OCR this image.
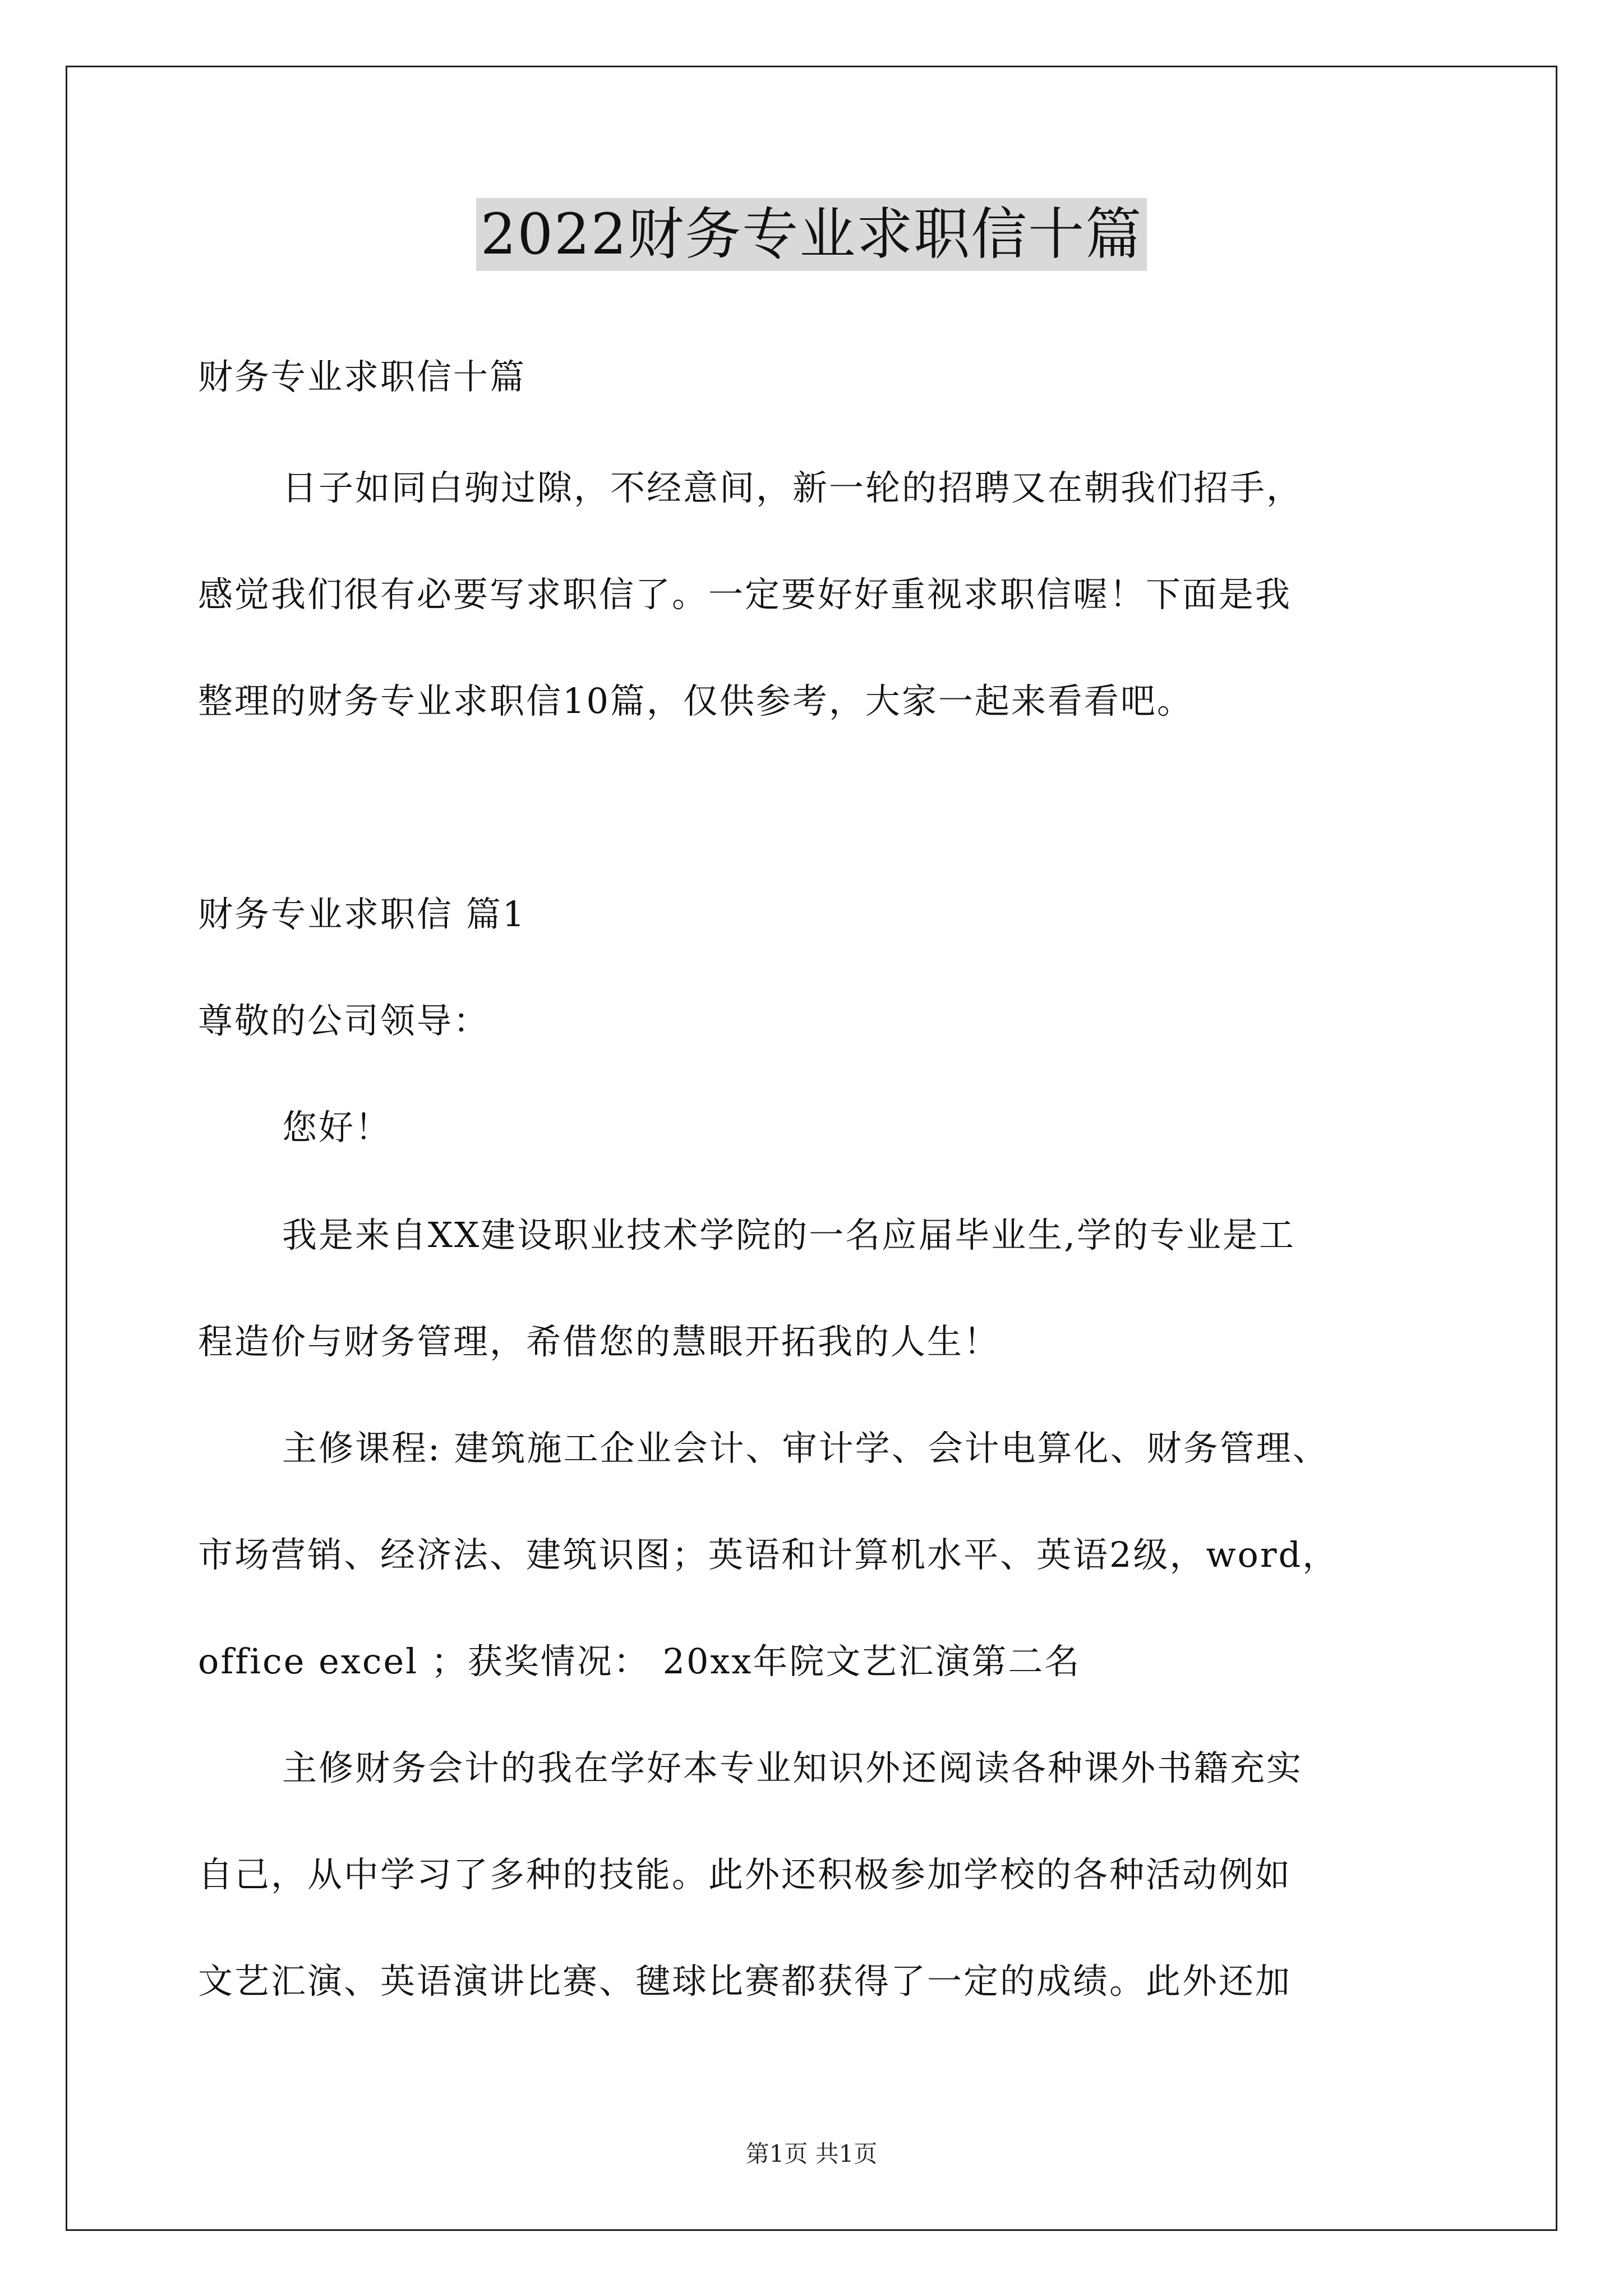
2022财务专业求职信十篇
财务专业求职信十篇
日子如同白驹过隙，不经意间，新一轮的招聘又在朝我们招手，
感觉我们很有必要写求职信了。一定要好好重视求职信喔！下面是我
整理的财务专业求职信10篇，仅供参考，大家一起来看看吧。
财务专业求职信 篇1
尊敬的公司领导：
您好！
我是来自XX建设职业技术学院的一名应届毕业生,学的专业是工
程造价与财务管理，希借您的慧眼开拓我的人生！
主修课程: 建筑施工企业会计、审计学、会计电算化、财务管理、
市场营销、经济法、建筑识图；英语和计算机水平、英语2级，word，
office excel ；获奖情况： 20xx年院文艺汇演第二名
主修财务会计的我在学好本专业知识外还阅读各种课外书籍充实
自己，从中学习了多种的技能。此外还积极参加学校的各种活动例如
文艺汇演、英语演讲比赛、毽球比赛都获得了一定的成绩。此外还加
第1页 共1页
